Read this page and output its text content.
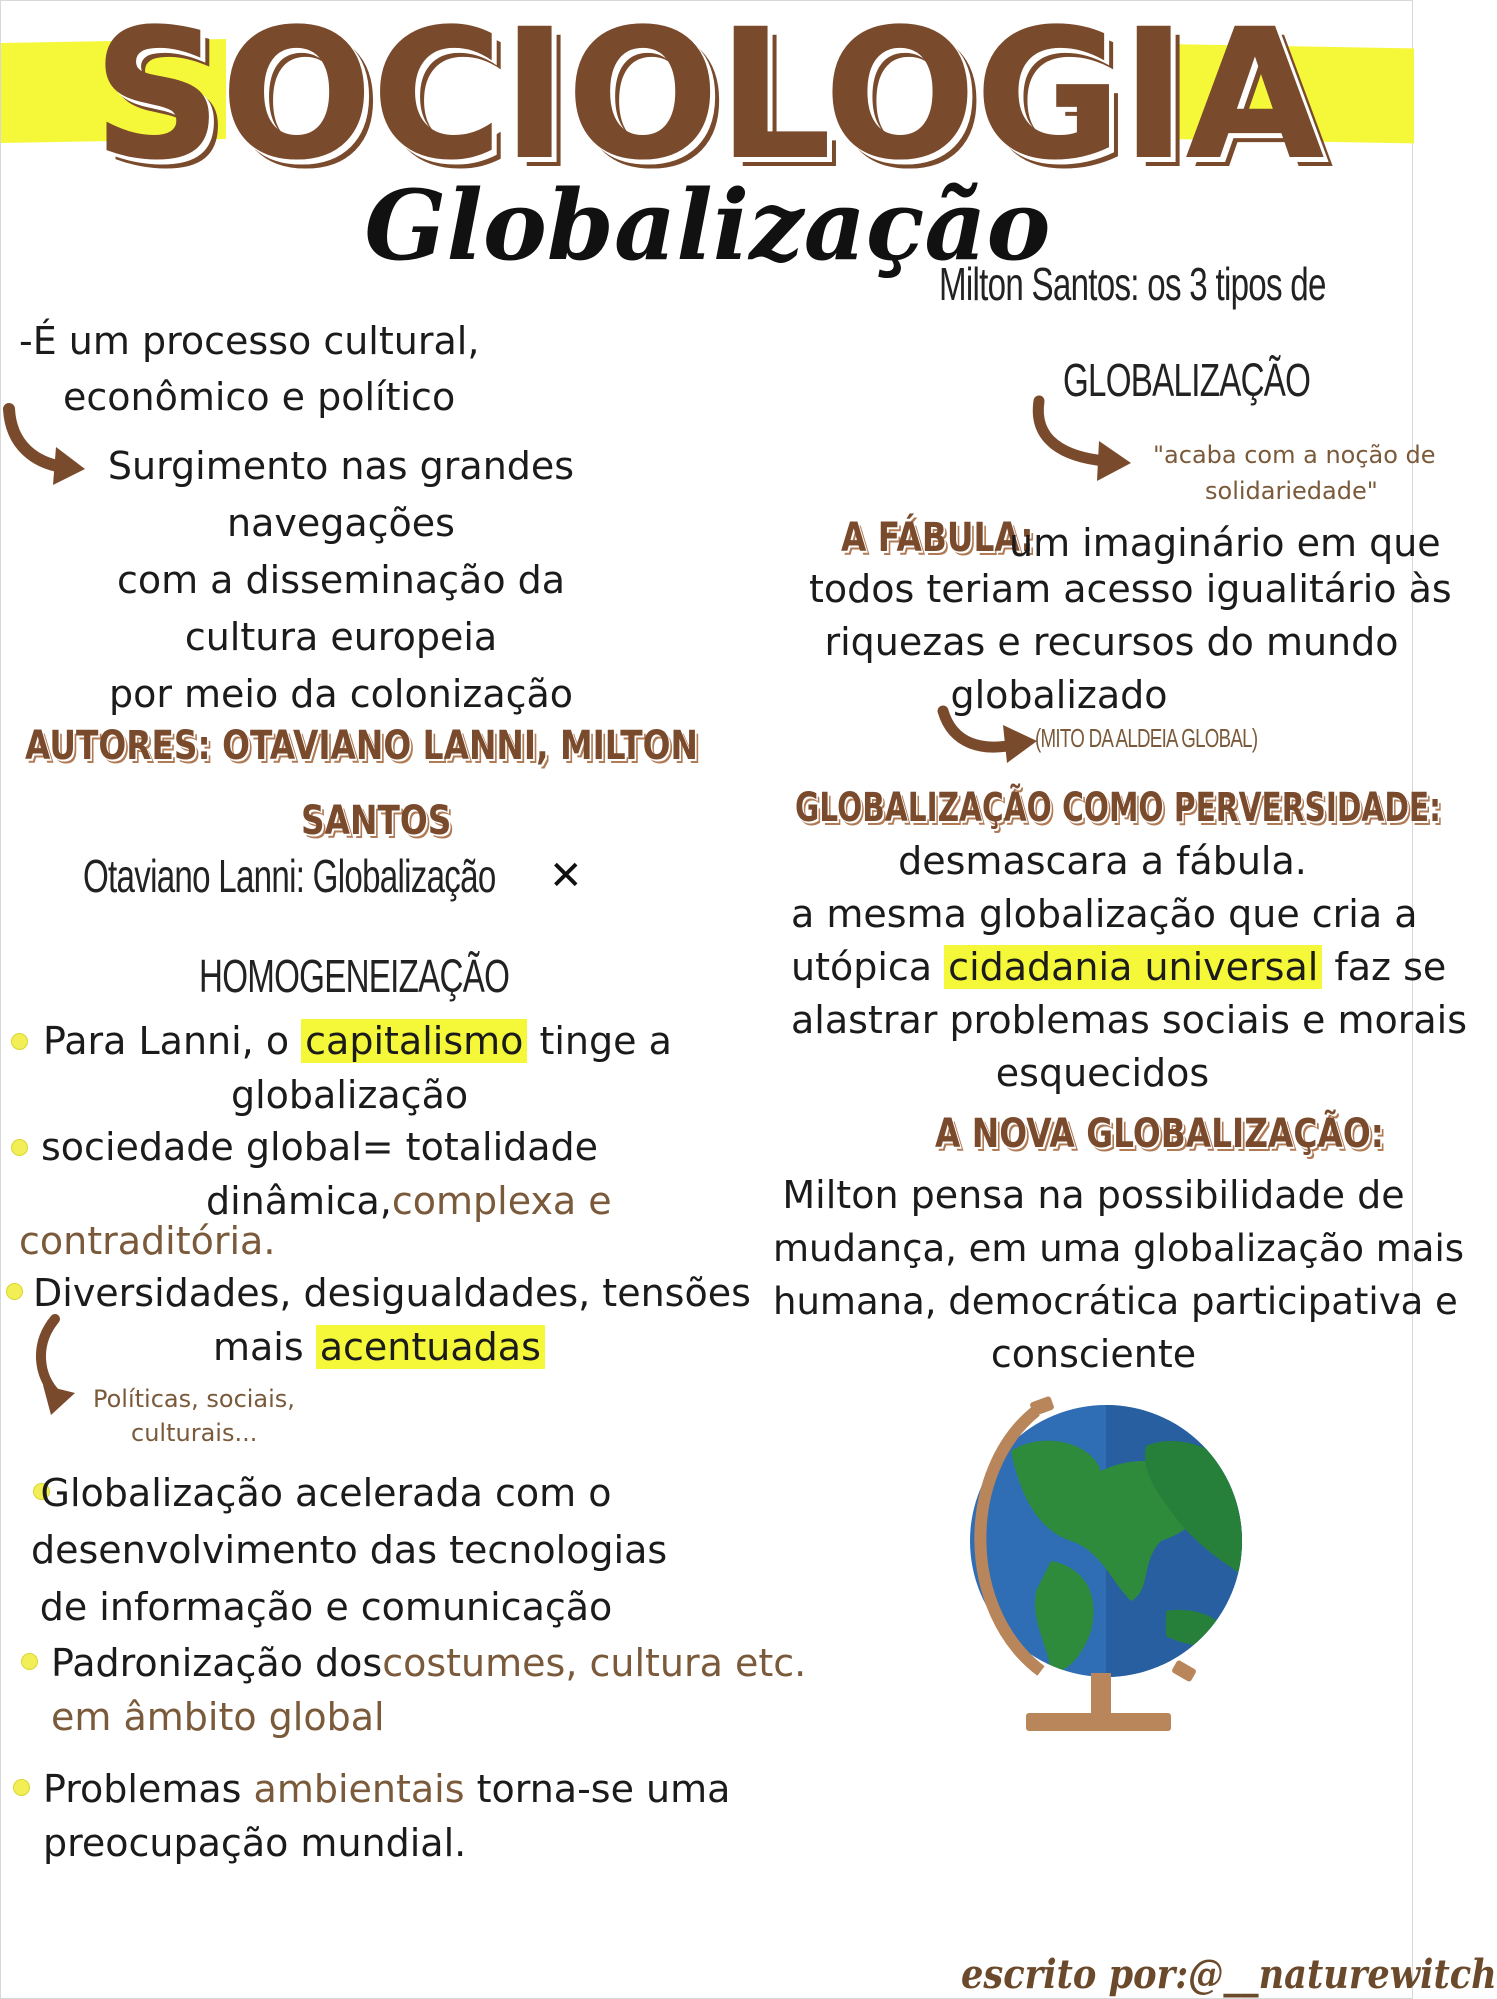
SOCIOLOGIA
Globalização
-É um processo cultural,
econômico e político
Surgimento nas grandes
navegações
com a disseminação da
cultura europeia
por meio da colonização
AUTORES: OTAVIANO LANNI, MILTON
SANTOS
Otaviano Lanni: Globalização	✕
HOMOGENEIZAÇÃO
Para Lanni, o capitalismo tinge a
globalização
sociedade global= totalidade
dinâmica,complexa e
contraditória.
Diversidades, desigualdades, tensões
mais acentuadas
Políticas, sociais,
culturais...
Globalização acelerada com o
desenvolvimento das tecnologias
de informação e comunicação
Padronização doscostumes, cultura etc.
em âmbito global
Problemas ambientais torna-se uma
preocupação mundial.
Milton Santos: os 3 tipos de
GLOBALIZAÇÃO
"acaba com a noção de
solidariedade"
A FÁBULA:
um imaginário em que
todos teriam acesso igualitário às
riquezas e recursos do mundo
globalizado
(MITO DA ALDEIA GLOBAL)
GLOBALIZAÇÃO COMO PERVERSIDADE:
desmascara a fábula.
a mesma globalização que cria a
utópica cidadania universal faz se
alastrar problemas sociais e morais
esquecidos
A NOVA GLOBALIZAÇÃO:
Milton pensa na possibilidade de
mudança, em uma globalização mais
humana, democrática participativa e
consciente
escrito por:@__naturewitch
